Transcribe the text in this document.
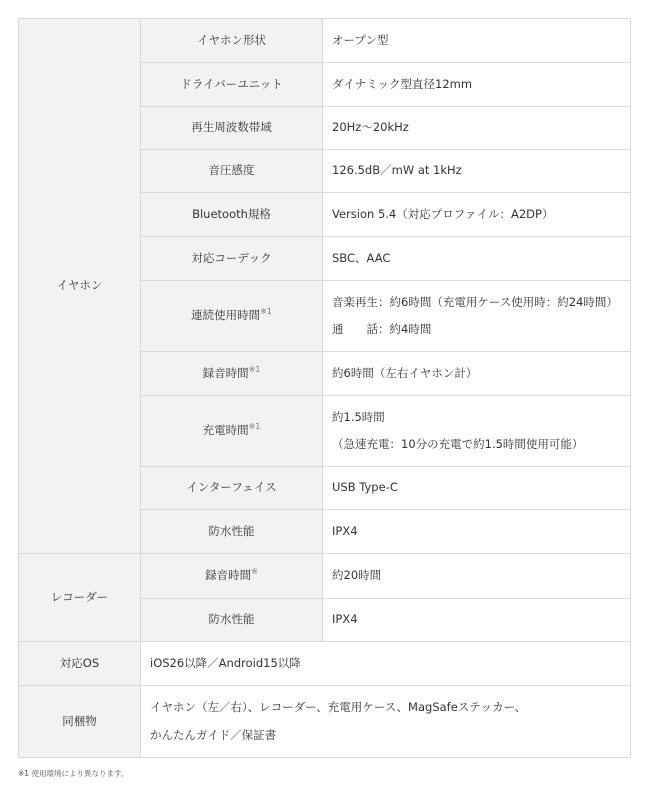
イヤホン	イヤホン形状	オープン型

	ドライバーユニット	ダイナミック型直径12mm

	再生周波数帯域	20Hz〜20kHz

	音圧感度	126.5dB／mW at 1kHz

	Bluetooth規格	Version 5.4（対応プロファイル：A2DP）

	対応コーデック	SBC、AAC

	連続使用時間$^{※1}$	音楽再生：約6時間（充電用ケース使用時：約24時間）
通　　話：約4時間

	録音時間$^{※1}$	約6時間（左右イヤホン計）

	充電時間$^{※1}$	約1.5時間
（急速充電：10分の充電で約1.5時間使用可能）

	インターフェイス	USB Type-C

	防水性能	IPX4

レコーダー	録音時間※	約20時間

	防水性能	IPX4

対応OS	iOS26以降／Android15以降	

同梱物	イヤホン（左／右）、レコーダー、充電用ケース、MagSafeステッカー、
かんたんガイド／保証書	
※1 使用環境により異なります。
